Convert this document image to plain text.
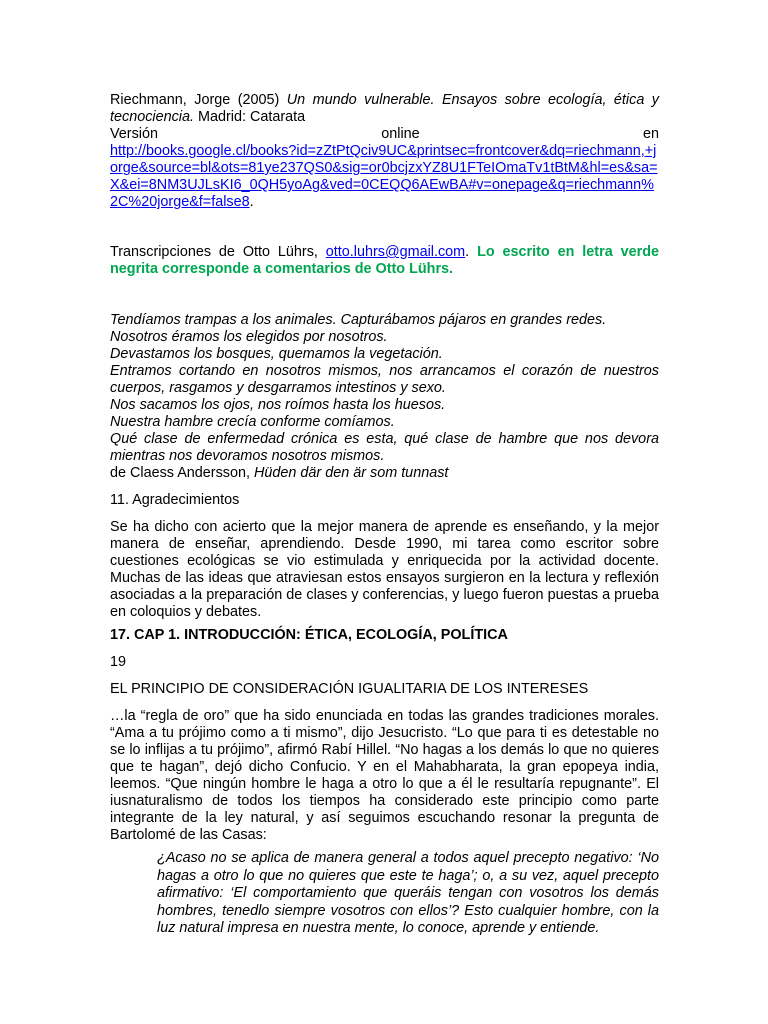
Riechmann, Jorge (2005) Un mundo vulnerable. Ensayos sobre ecología, ética y tecnociencia. Madrid: Catarata

Versión	online	en

http://books.google.cl/books?id=zZtPtQciv9UC&printsec=frontcover&dq=riechmann,+jorge&source=bl&ots=81ye237QS0&sig=or0bcjzxYZ8U1FTeIOmaTv1tBtM&hl=es&sa=X&ei=8NM3UJLsKI6_0QH5yoAg&ved=0CEQQ6AEwBA#v=onepage&q=riechmann%2C%20jorge&f=false8.

Transcripciones de Otto Lührs, otto.luhrs@gmail.com. Lo escrito en letra verde negrita corresponde a comentarios de Otto Lührs.

Tendíamos trampas a los animales. Capturábamos pájaros en grandes redes.

Nosotros éramos los elegidos por nosotros.

Devastamos los bosques, quemamos la vegetación.

Entramos cortando en nosotros mismos, nos arrancamos el corazón de nuestros cuerpos, rasgamos y desgarramos intestinos y sexo.

Nos sacamos los ojos, nos roímos hasta los huesos.

Nuestra hambre crecía conforme comíamos.

Qué clase de enfermedad crónica es esta, qué clase de hambre que nos devora mientras nos devoramos nosotros mismos.

de Claess Andersson, Hüden där den är som tunnast

11. Agradecimientos

Se ha dicho con acierto que la mejor manera de aprende es enseñando, y la mejor manera de enseñar, aprendiendo. Desde 1990, mi tarea como escritor sobre cuestiones ecológicas se vio estimulada y enriquecida por la actividad docente. Muchas de las ideas que atraviesan estos ensayos surgieron en la lectura y reflexión asociadas a la preparación de clases y conferencias, y luego fueron puestas a prueba en coloquios y debates.

17. CAP 1. INTRODUCCIÓN: ÉTICA, ECOLOGÍA, POLÍTICA

19

EL PRINCIPIO DE CONSIDERACIÓN IGUALITARIA DE LOS INTERESES

…la “regla de oro” que ha sido enunciada en todas las grandes tradiciones morales. “Ama a tu prójimo como a ti mismo”, dijo Jesucristo. “Lo que para ti es detestable no se lo inflijas a tu prójimo”, afirmó Rabí Hillel. “No hagas a los demás lo que no quieres que te hagan”, dejó dicho Confucio. Y en el Mahabharata, la gran epopeya india, leemos. “Que ningún hombre le haga a otro lo que a él le resultaría repugnante”. El iusnaturalismo de todos los tiempos ha considerado este principio como parte integrante de la ley natural, y así seguimos escuchando resonar la pregunta de Bartolomé de las Casas:

¿Acaso no se aplica de manera general a todos aquel precepto negativo: ‘No hagas a otro lo que no quieres que este te haga’; o, a su vez, aquel precepto afirmativo: ‘El comportamiento que queráis tengan con vosotros los demás hombres, tenedlo siempre vosotros con ellos’? Esto cualquier hombre, con la luz natural impresa en nuestra mente, lo conoce, aprende y entiende.
